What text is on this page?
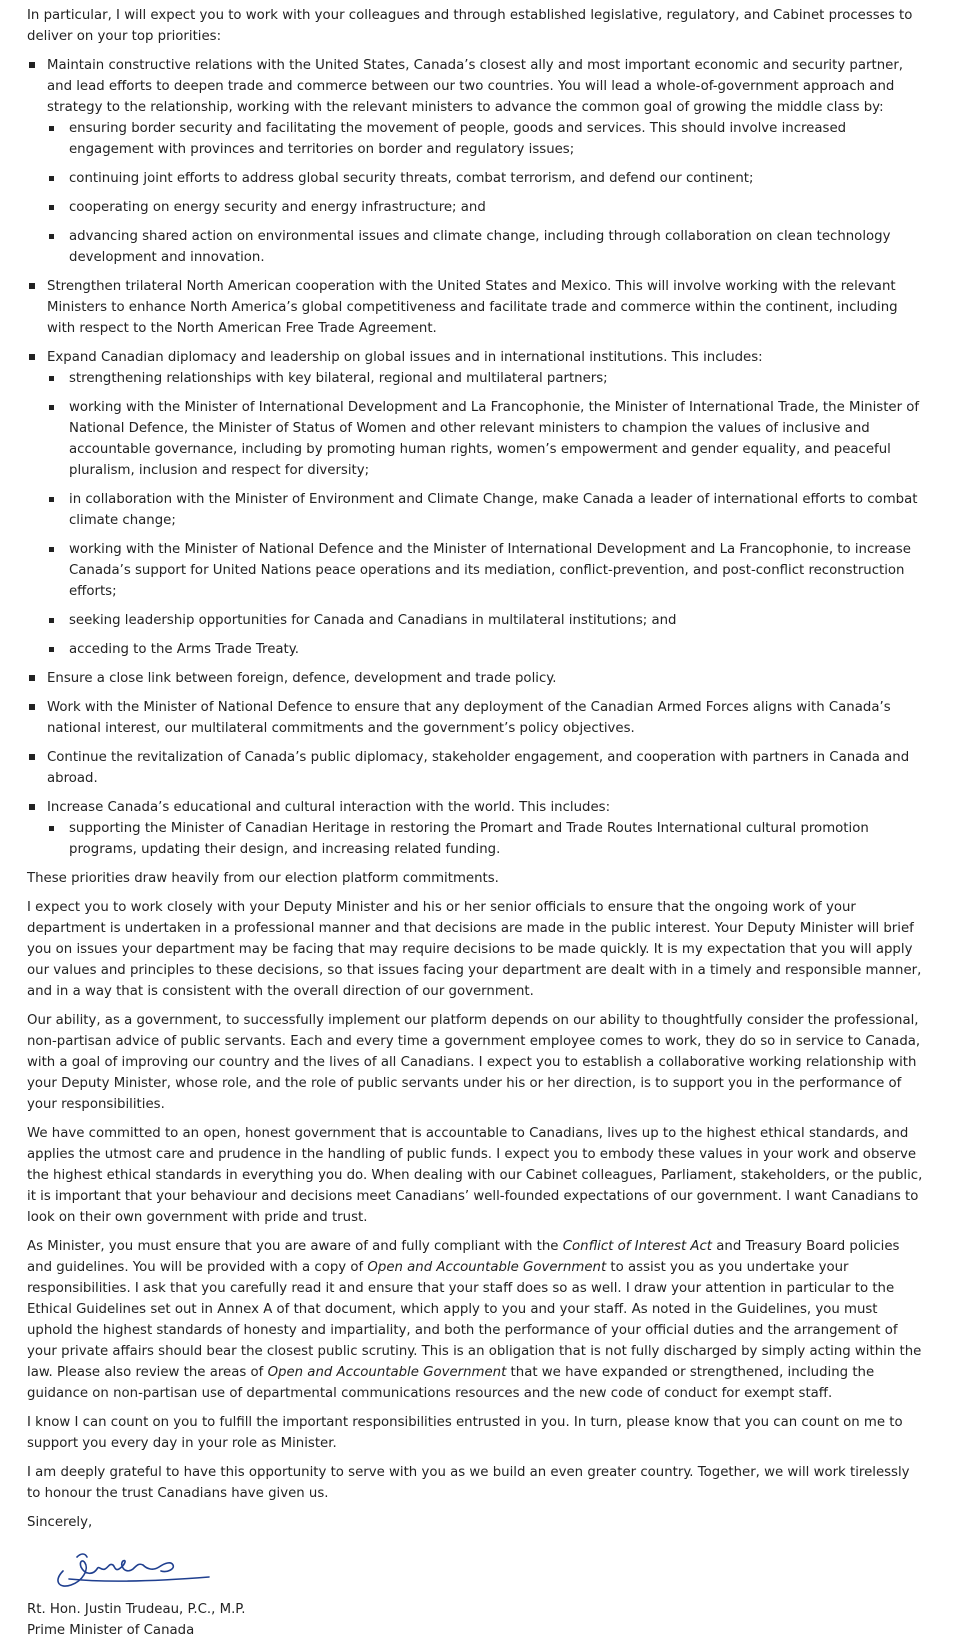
In particular, I will expect you to work with your colleagues and through established legislative, regulatory, and Cabinet processes to deliver on your top priorities:

Maintain constructive relations with the United States, Canada’s closest ally and most important economic and security partner, and lead efforts to deepen trade and commerce between our two countries. You will lead a whole-of-government approach and strategy to the relationship, working with the relevant ministers to advance the common goal of growing the middle class by:
ensuring border security and facilitating the movement of people, goods and services. This should involve increased engagement with provinces and territories on border and regulatory issues;
continuing joint efforts to address global security threats, combat terrorism, and defend our continent;
cooperating on energy security and energy infrastructure; and
advancing shared action on environmental issues and climate change, including through collaboration on clean technology development and innovation.
Strengthen trilateral North American cooperation with the United States and Mexico. This will involve working with the relevant Ministers to enhance North America’s global competitiveness and facilitate trade and commerce within the continent, including with respect to the North American Free Trade Agreement.
Expand Canadian diplomacy and leadership on global issues and in international institutions. This includes:
strengthening relationships with key bilateral, regional and multilateral partners;
working with the Minister of International Development and La Francophonie, the Minister of International Trade, the Minister of National Defence, the Minister of Status of Women and other relevant ministers to champion the values of inclusive and accountable governance, including by promoting human rights, women’s empowerment and gender equality, and peaceful pluralism, inclusion and respect for diversity;
in collaboration with the Minister of Environment and Climate Change, make Canada a leader of international efforts to combat climate change;
working with the Minister of National Defence and the Minister of International Development and La Francophonie, to increase Canada’s support for United Nations peace operations and its mediation, conflict-prevention, and post-conflict reconstruction efforts;
seeking leadership opportunities for Canada and Canadians in multilateral institutions; and
acceding to the Arms Trade Treaty.
Ensure a close link between foreign, defence, development and trade policy.
Work with the Minister of National Defence to ensure that any deployment of the Canadian Armed Forces aligns with Canada’s national interest, our multilateral commitments and the government’s policy objectives.
Continue the revitalization of Canada’s public diplomacy, stakeholder engagement, and cooperation with partners in Canada and abroad.
Increase Canada’s educational and cultural interaction with the world. This includes:
supporting the Minister of Canadian Heritage in restoring the Promart and Trade Routes International cultural promotion programs, updating their design, and increasing related funding.

These priorities draw heavily from our election platform commitments.

I expect you to work closely with your Deputy Minister and his or her senior officials to ensure that the ongoing work of your department is undertaken in a professional manner and that decisions are made in the public interest. Your Deputy Minister will brief you on issues your department may be facing that may require decisions to be made quickly. It is my expectation that you will apply our values and principles to these decisions, so that issues facing your department are dealt with in a timely and responsible manner, and in a way that is consistent with the overall direction of our government.

Our ability, as a government, to successfully implement our platform depends on our ability to thoughtfully consider the professional, non-partisan advice of public servants. Each and every time a government employee comes to work, they do so in service to Canada, with a goal of improving our country and the lives of all Canadians. I expect you to establish a collaborative working relationship with your Deputy Minister, whose role, and the role of public servants under his or her direction, is to support you in the performance of your responsibilities.

We have committed to an open, honest government that is accountable to Canadians, lives up to the highest ethical standards, and applies the utmost care and prudence in the handling of public funds. I expect you to embody these values in your work and observe the highest ethical standards in everything you do. When dealing with our Cabinet colleagues, Parliament, stakeholders, or the public, it is important that your behaviour and decisions meet Canadians’ well-founded expectations of our government. I want Canadians to look on their own government with pride and trust.

As Minister, you must ensure that you are aware of and fully compliant with the Conflict of Interest Act and Treasury Board policies and guidelines. You will be provided with a copy of Open and Accountable Government to assist you as you undertake your responsibilities. I ask that you carefully read it and ensure that your staff does so as well. I draw your attention in particular to the Ethical Guidelines set out in Annex A of that document, which apply to you and your staff. As noted in the Guidelines, you must uphold the highest standards of honesty and impartiality, and both the performance of your official duties and the arrangement of your private affairs should bear the closest public scrutiny. This is an obligation that is not fully discharged by simply acting within the law. Please also review the areas of Open and Accountable Government that we have expanded or strengthened, including the guidance on non-partisan use of departmental communications resources and the new code of conduct for exempt staff.

I know I can count on you to fulfill the important responsibilities entrusted in you. In turn, please know that you can count on me to support you every day in your role as Minister.

I am deeply grateful to have this opportunity to serve with you as we build an even greater country. Together, we will work tirelessly to honour the trust Canadians have given us.

Sincerely,

Rt. Hon. Justin Trudeau, P.C., M.P.

Prime Minister of Canada
